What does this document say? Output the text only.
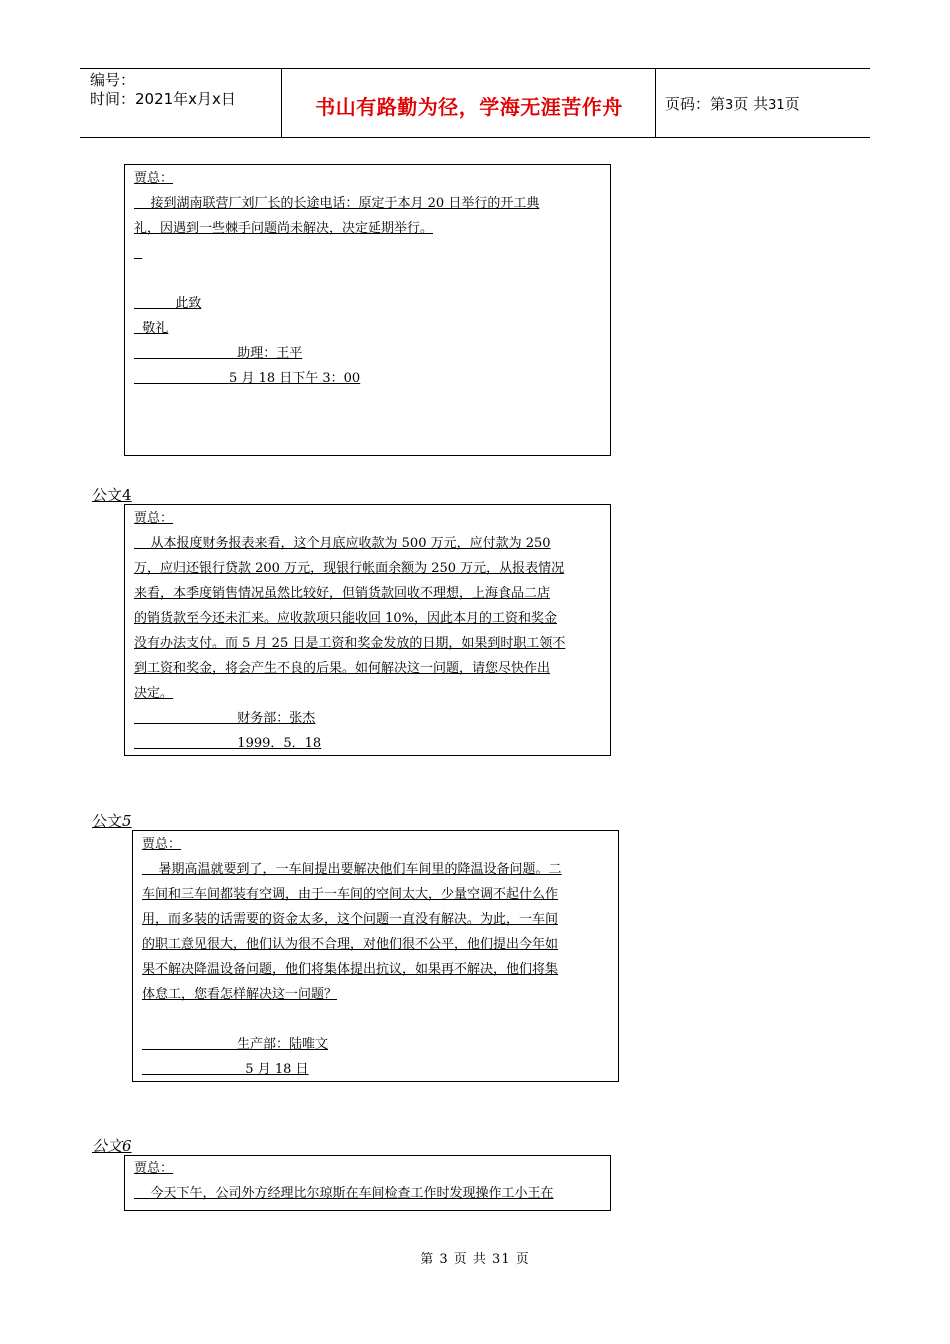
编号：
时间：2021年x月x日	书山有路勤为径，学海无涯苦作舟	页码：第3页 共31页
贾总：
接到湖南联营厂刘厂长的长途电话：原定于本月 20 日举行的开工典
礼，因遇到一些棘手问题尚未解决，决定延期举行。

此致
敬礼
助理：王平
5 月 18 日下午 3：00
公文4
贾总：
从本报度财务报表来看，这个月底应收款为 500 万元，应付款为 250
万，应归还银行贷款 200 万元，现银行帐面余额为 250 万元，从报表情况
来看，本季度销售情况虽然比较好，但销货款回收不理想，上海食品二店
的销货款至今还未汇来。应收款项只能收回 10%，因此本月的工资和奖金
没有办法支付。而 5 月 25 日是工资和奖金发放的日期，如果到时职工领不
到工资和奖金，将会产生不良的后果。如何解决这一问题，请您尽快作出
决定。
财务部：张杰
1999．5．18
公文5
贾总：
暑期高温就要到了，一车间提出要解决他们车间里的降温设备问题。二
车间和三车间都装有空调，由于一车间的空间太大，少量空调不起什么作
用，而多装的话需要的资金太多，这个问题一直没有解决。为此，一车间
的职工意见很大，他们认为很不合理，对他们很不公平，他们提出今年如
果不解决降温设备问题，他们将集体提出抗议，如果再不解决，他们将集
体怠工，您看怎样解决这一问题？
生产部：陆唯文
5 月 18 日
公文6
贾总：
今天下午，公司外方经理比尔琼斯在车间检查工作时发现操作工小王在
第 3 页 共 31 页
